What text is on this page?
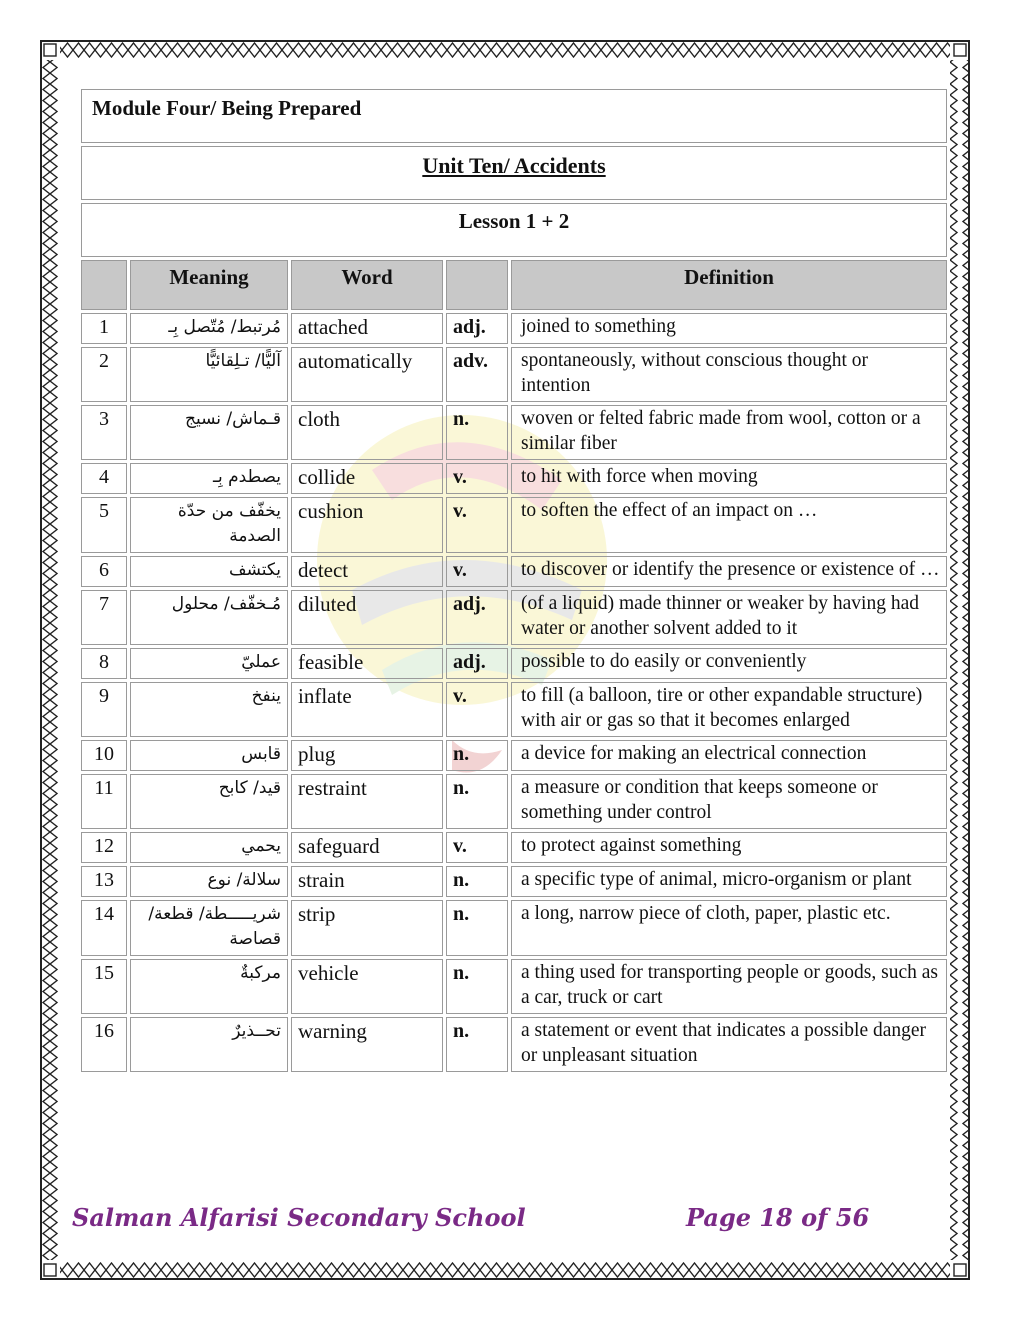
Module Four/ Being Prepared				
Unit Ten/ Accidents				
Lesson 1 + 2				
	Meaning	Word		Definition
1	مُرتبط/ مُتّصل بِـ	attached	adj.	joined to something
2	آليًّا/ تـلِقائيًّا	automatically	adv.	spontaneously, without conscious thought or intention
3	قـماش/ نسيج	cloth	n.	woven or felted fabric made from wool, cotton or a similar fiber
4	يصطدم بِـ	collide	v.	to hit with force when moving
5	يخفّف من حدّة الصدمة	cushion	v.	to soften the effect of an impact on …
6	يكتشف	detect	v.	to discover or identify the presence or existence of …
7	مُـخفّف/ محلول	diluted	adj.	(of a liquid) made thinner or weaker by having had water or another solvent added to it
8	عمليّ	feasible	adj.	possible to do easily or conveniently
9	ينفخ	inflate	v.	to fill (a balloon, tire or other expandable structure) with air or gas so that it becomes enlarged
10	قابس	plug	n.	a device for making an electrical connection
11	قيد/ كابح	restraint	n.	a measure or condition that keeps someone or something under control
12	يحمي	safeguard	v.	to protect against something
13	سلالة/ نوع	strain	n.	a specific type of animal, micro-organism or plant
14	شريـــــطة/ قطعة/ قصاصة	strip	n.	a long, narrow piece of cloth, paper, plastic etc.
15	مركبةٌ	vehicle	n.	a thing used for transporting people or goods, such as a car, truck or cart
16	تحــذيرٌ	warning	n.	a statement or event that indicates a possible danger or unpleasant situation
Salman Alfarisi Secondary School	Page 18 of 56
